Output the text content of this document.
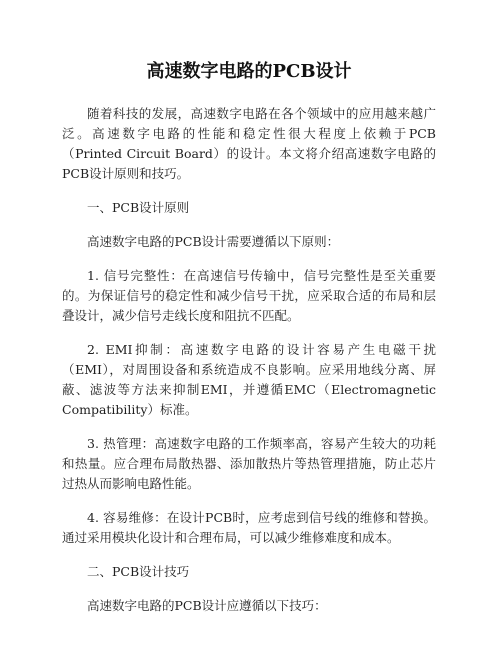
高速数字电路的PCB设计

随着科技的发展，高速数字电路在各个领域中的应用越来越广泛。高速数字电路的性能和稳定性很大程度上依赖于PCB（Printed Circuit Board）的设计。本文将介绍高速数字电路的PCB设计原则和技巧。

一、PCB设计原则

高速数字电路的PCB设计需要遵循以下原则：

1. 信号完整性：在高速信号传输中，信号完整性是至关重要的。为保证信号的稳定性和减少信号干扰，应采取合适的布局和层叠设计，减少信号走线长度和阻抗不匹配。

2. EMI抑制：高速数字电路的设计容易产生电磁干扰（EMI），对周围设备和系统造成不良影响。应采用地线分离、屏蔽、滤波等方法来抑制EMI，并遵循EMC（Electromagnetic Compatibility）标准。

3. 热管理：高速数字电路的工作频率高，容易产生较大的功耗和热量。应合理布局散热器、添加散热片等热管理措施，防止芯片过热从而影响电路性能。

4. 容易维修：在设计PCB时，应考虑到信号线的维修和替换。通过采用模块化设计和合理布局，可以减少维修难度和成本。

二、PCB设计技巧

高速数字电路的PCB设计应遵循以下技巧：
